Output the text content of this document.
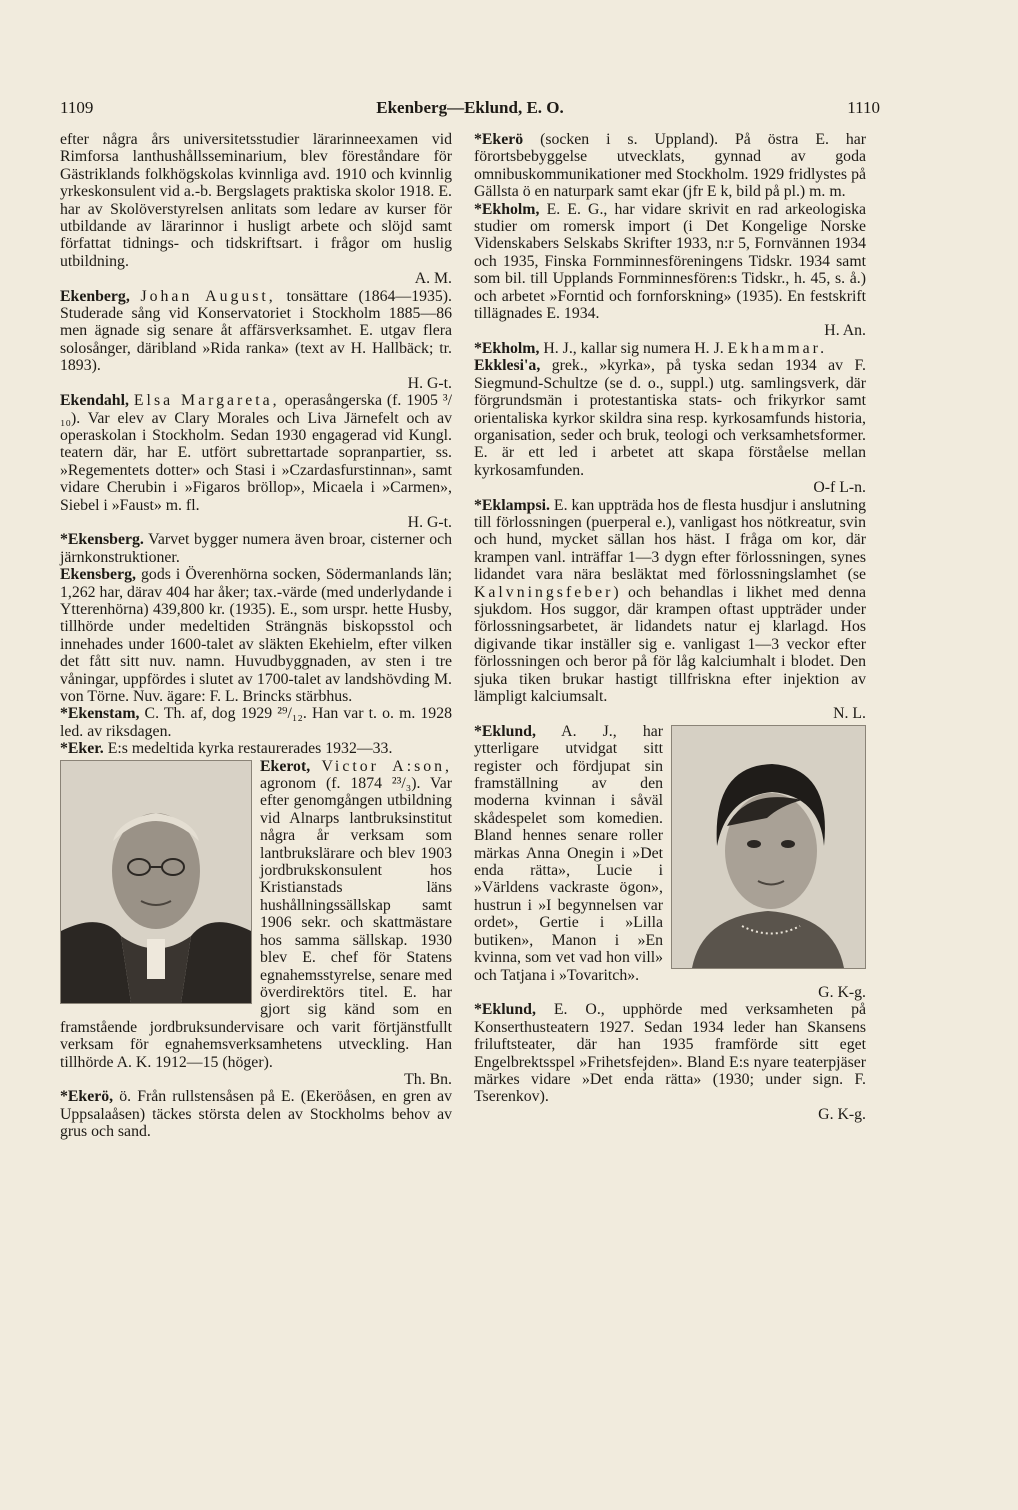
Ekenberg—Eklund, E. O.
1109	1110
efter några års universitetsstudier lärarinneexamen vid Rimforsa lanthushållsseminarium, blev föreståndare för Gästriklands folkhögskolas kvinnliga avd. 1910 och kvinnlig yrkeskonsulent vid a.-b. Bergslagets praktiska skolor 1918. E. har av Skolöverstyrelsen anlitats som ledare av kurser för utbildande av lärarinnor i husligt arbete och slöjd samt författat tidnings- och tidskriftsart. i frågor om huslig utbildning.
A. M.
Ekenberg, Johan August, tonsättare (1864—1935). Studerade sång vid Konservatoriet i Stockholm 1885—86 men ägnade sig senare åt affärsverksamhet. E. utgav flera solosånger, däribland »Rida ranka» (text av H. Hallbäck; tr. 1893).
H. G-t.
Ekendahl, Elsa Margareta, operasångerska (f. 1905 ³/₁₀). Var elev av Clary Morales och Liva Järnefelt och av operaskolan i Stockholm. Sedan 1930 engagerad vid Kungl. teatern där, har E. utfört subrettartade sopranpartier, ss. »Regementets dotter» och Stasi i »Czardasfurstinnan», samt vidare Cherubin i »Figaros bröllop», Micaela i »Carmen», Siebel i »Faust» m. fl.
H. G-t.
*Ekensberg. Varvet bygger numera även broar, cisterner och järnkonstruktioner.
Ekensberg, gods i Överenhörna socken, Södermanlands län; 1,262 har, därav 404 har åker; tax.-värde (med underlydande i Ytterenhörna) 439,800 kr. (1935). E., som urspr. hette Husby, tillhörde under medeltiden Strängnäs biskopsstol och innehades under 1600-talet av släkten Ekehielm, efter vilken det fått sitt nuv. namn. Huvudbyggnaden, av sten i tre våningar, uppfördes i slutet av 1700-talet av landshövding M. von Törne. Nuv. ägare: F. L. Brincks stärbhus.
*Ekenstam, C. Th. af, dog 1929 ²⁹/₁₂. Han var t. o. m. 1928 led. av riksdagen.
*Eker. E:s medeltida kyrka restaurerades 1932—33.
Ekerot, Victor A:son, agronom (f. 1874 ²³/₃). Var efter genomgången utbildning vid Alnarps lantbruksinstitut några år verksam som lantbrukslärare och blev 1903 jordbrukskonsulent hos Kristianstads läns hushållningssällskap samt 1906 sekr. och skattmästare hos samma sällskap. 1930 blev E. chef för Statens egnahemsstyrelse, senare med överdirektörs titel. E. har gjort sig känd som en framstående jordbruksundervisare och varit förtjänstfullt verksam för egnahemsverksamhetens utveckling. Han tillhörde A. K. 1912—15 (höger).
Th. Bn.
*Ekerö, ö. Från rullstensåsen på E. (Ekeröåsen, en gren av Uppsalaåsen) täckes största delen av Stockholms behov av grus och sand.
*Ekerö (socken i s. Uppland). På östra E. har förortsbebyggelse utvecklats, gynnad av goda omnibuskommunikationer med Stockholm. 1929 fridlystes på Gällsta ö en naturpark samt ekar (jfr E k, bild på pl.) m. m.
*Ekholm, E. E. G., har vidare skrivit en rad arkeologiska studier om romersk import (i Det Kongelige Norske Videnskabers Selskabs Skrifter 1933, n:r 5, Fornvännen 1934 och 1935, Finska Fornminnesföreningens Tidskr. 1934 samt som bil. till Upplands Fornminnesfören:s Tidskr., h. 45, s. å.) och arbetet »Forntid och fornforskning» (1935). En festskrift tillägnades E. 1934.
H. An.
*Ekholm, H. J., kallar sig numera H. J. Ekhammar.
Ekklesi'a, grek., »kyrka», på tyska sedan 1934 av F. Siegmund-Schultze (se d. o., suppl.) utg. samlingsverk, där förgrundsmän i protestantiska stats- och frikyrkor samt orientaliska kyrkor skildra sina resp. kyrkosamfunds historia, organisation, seder och bruk, teologi och verksamhetsformer. E. är ett led i arbetet att skapa förståelse mellan kyrkosamfunden.
O-f L-n.
*Eklampsi. E. kan uppträda hos de flesta husdjur i anslutning till förlossningen (puerperal e.), vanligast hos nötkreatur, svin och hund, mycket sällan hos häst. I fråga om kor, där krampen vanl. inträffar 1—3 dygn efter förlossningen, synes lidandet vara nära besläktat med förlossningslamhet (se Kalvningsfeber) och behandlas i likhet med denna sjukdom. Hos suggor, där krampen oftast uppträder under förlossningsarbetet, är lidandets natur ej klarlagd. Hos digivande tikar inställer sig e. vanligast 1—3 veckor efter förlossningen och beror på för låg kalciumhalt i blodet. Den sjuka tiken brukar hastigt tillfriskna efter injektion av lämpligt kalciumsalt.
N. L.
*Eklund, A. J., har ytterligare utvidgat sitt register och fördjupat sin framställning av den moderna kvinnan i såväl skådespelet som komedien. Bland hennes senare roller märkas Anna Onegin i »Det enda rätta», Lucie i »Världens vackraste ögon», hustrun i »I begynnelsen var ordet», Gertie i »Lilla butiken», Manon i »En kvinna, som vet vad hon vill» och Tatjana i »Tovaritch».
G. K-g.
*Eklund, E. O., upphörde med verksamheten på Konserthusteatern 1927. Sedan 1934 leder han Skansens friluftsteater, där han 1935 framförde sitt eget Engelbrektsspel »Frihetsfejden». Bland E:s nyare teaterpjäser märkes vidare »Det enda rätta» (1930; under sign. F. Tserenkov).
G. K-g.
